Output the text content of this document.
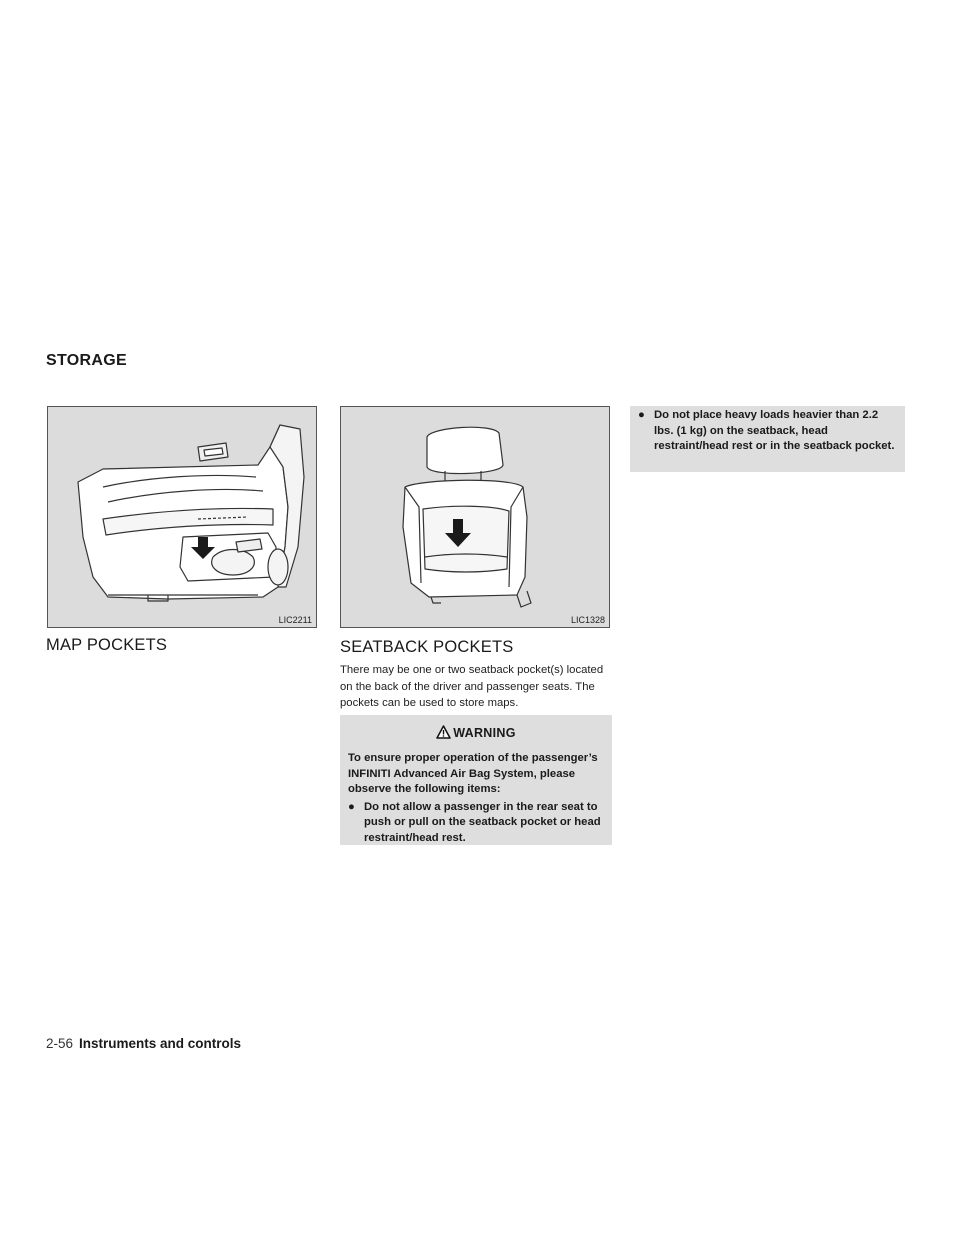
STORAGE
LIC2211	LIC1328
MAP POCKETS	SEATBACK POCKETS
There may be one or two seatback pocket(s) located on the back of the driver and passenger seats. The pockets can be used to store maps.
WARNING
To ensure proper operation of the passenger’s INFINITI Advanced Air Bag System, please observe the following items:
● Do not allow a passenger in the rear seat to push or pull on the seatback pocket or head restraint/head rest.
● Do not place heavy loads heavier than 2.2 lbs. (1 kg) on the seatback, head restraint/head rest or in the seatback pocket.
2-56 Instruments and controls
